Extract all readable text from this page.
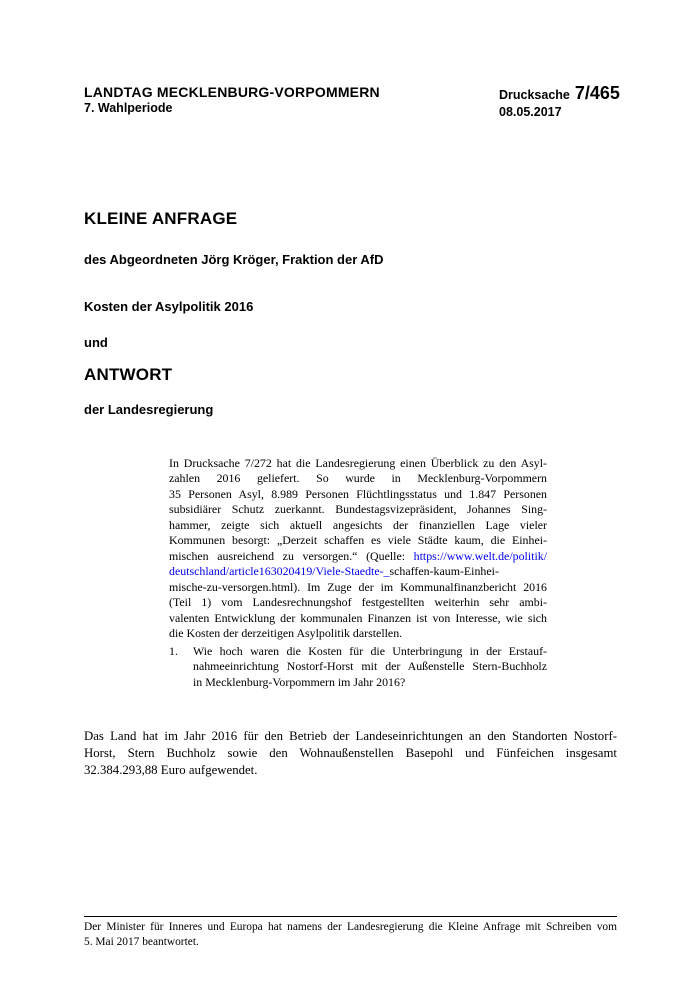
LANDTAG MECKLENBURG-VORPOMMERN
7. Wahlperiode
Drucksache 7/465
08.05.2017
KLEINE ANFRAGE
des Abgeordneten Jörg Kröger, Fraktion der AfD
Kosten der Asylpolitik 2016
und
ANTWORT
der Landesregierung
In Drucksache 7/272 hat die Landesregierung einen Überblick zu den Asyl-
zahlen 2016 geliefert. So wurde in Mecklenburg-Vorpommern
35 Personen Asyl, 8.989 Personen Flüchtlingsstatus und 1.847 Personen
subsidiärer Schutz zuerkannt. Bundestagsvizepräsident, Johannes Sing-
hammer, zeigte sich aktuell angesichts der finanziellen Lage vieler
Kommunen besorgt: „Derzeit schaffen es viele Städte kaum, die Einhei-
mischen ausreichend zu versorgen.“ (Quelle: https://www.welt.de/politik/
deutschland/article163020419/Viele-Staedte-_schaffen-kaum-Einhei-
mische-zu-versorgen.html). Im Zuge der im Kommunalfinanzbericht 2016
(Teil 1) vom Landesrechnungshof festgestellten weiterhin sehr ambi-
valenten Entwicklung der kommunalen Finanzen ist von Interesse, wie sich
die Kosten der derzeitigen Asylpolitik darstellen.
1. Wie hoch waren die Kosten für die Unterbringung in der Erstauf-
nahmeeinrichtung Nostorf-Horst mit der Außenstelle Stern-Buchholz
in Mecklenburg-Vorpommern im Jahr 2016?
Das Land hat im Jahr 2016 für den Betrieb der Landeseinrichtungen an den Standorten Nostorf-
Horst, Stern Buchholz sowie den Wohnaußenstellen Basepohl und Fünfeichen insgesamt
32.384.293,88 Euro aufgewendet.
Der Minister für Inneres und Europa hat namens der Landesregierung die Kleine Anfrage mit Schreiben vom
5. Mai 2017 beantwortet.
